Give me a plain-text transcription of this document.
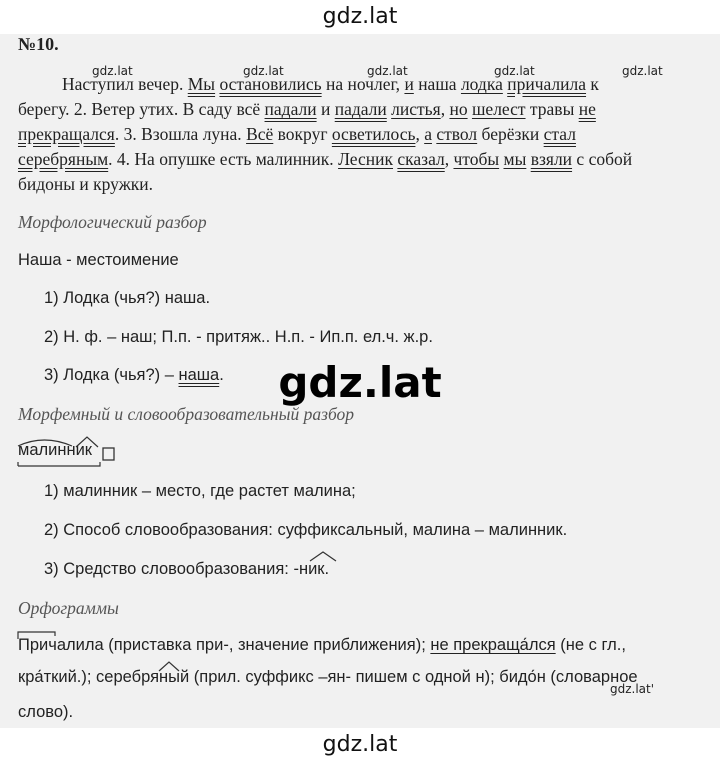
gdz.lat
№10.
Наступил вечер. Мы остановились на ночлег, и наша лодка причалила к
берегу. 2. Ветер утих. В саду всё падали и падали листья, но шелест травы не
прекращался. 3. Взошла луна. Всё вокруг осветилось, а ствол берёзки стал
серебряным. 4. На опушке есть малинник. Лесник сказал, чтобы мы взяли с собой
бидоны и кружки.
gdz.lat	gdz.lat	gdz.lat	gdz.lat	gdz.lat
Морфологический разбор
Наша - местоимение
1) Лодка (чья?) наша.
2) Н. ф. – наш; П.п. - притяж.. Н.п. - Ип.п. ел.ч. ж.р.
3) Лодка (чья?) – наша.	gdz.lat
Морфемный и словообразовательный разбор
малинник
1) малинник – место, где растет малина;
2) Способ словообразования: суффиксальный, малина – малинник.
3) Средство словообразования: -ник.
Орфограммы
Причалила (приставка при-, значение приближения); не прекраща́лся (не с гл.,
кра́ткий.); серебряный (прил. суффикс –ян- пишем с одной н); бидо́н (словарное
gdz.lat'
слово).
gdz.lat
